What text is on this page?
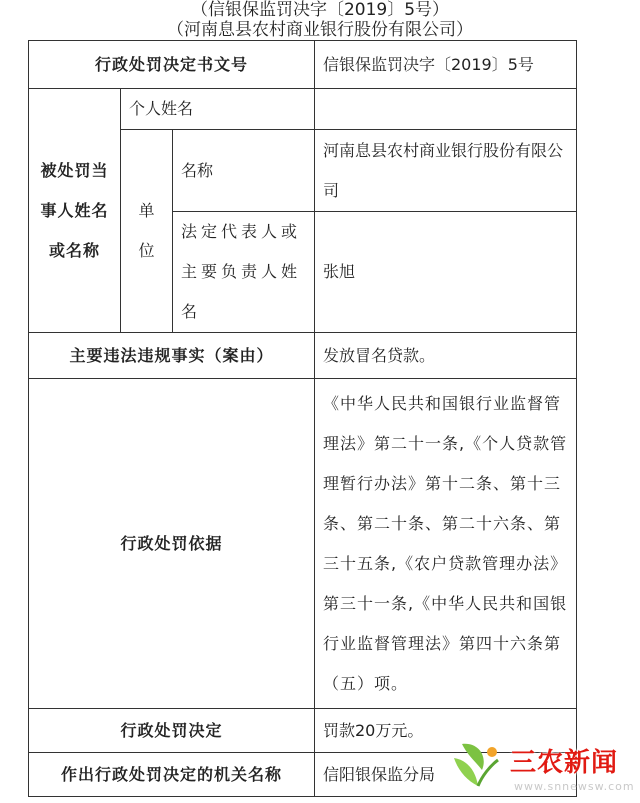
（信银保监罚决字〔2019〕5号）
（河南息县农村商业银行股份有限公司）
行政处罚决定书文号			信银保监罚决字〔2019〕5号
被处罚当事人姓名或名称	个人姓名		
	单位	名称	河南息县农村商业银行股份有限公司
		法定代表人或主要负责人姓名	张旭
主要违法违规事实（案由）			发放冒名贷款。
行政处罚依据			《中华人民共和国银行业监督管理法》第二十一条,《个人贷款管理暂行办法》第十二条、第十三条、第二十条、第二十六条、第三十五条,《农户贷款管理办法》第三十一条,《中华人民共和国银行业监督管理法》第四十六条第（五）项。
行政处罚决定			罚款20万元。
作出行政处罚决定的机关名称			信阳银保监分局	三农新闻
www.snnewsw.com
